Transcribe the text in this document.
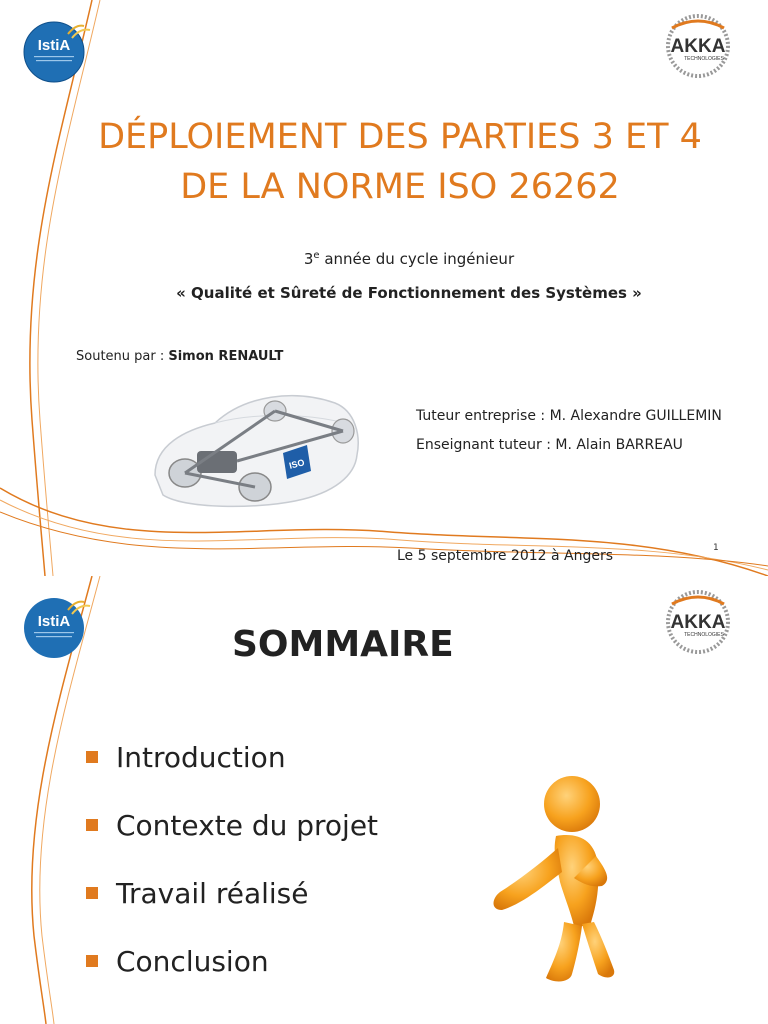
IstiA	AKKA
TECHNOLOGIES
DÉPLOIEMENT DES PARTIES 3 ET 4
DE LA NORME ISO 26262
3e année du cycle ingénieur
« Qualité et Sûreté de Fonctionnement des Systèmes »
Soutenu par : Simon RENAULT
ISO
Tuteur entreprise : M. Alexandre GUILLEMIN
Enseignant tuteur : M. Alain BARREAU
Le 5 septembre 2012 à Angers	1
IstiA	AKKA
TECHNOLOGIES
SOMMAIRE
Introduction
Contexte du projet
Travail réalisé
Conclusion
